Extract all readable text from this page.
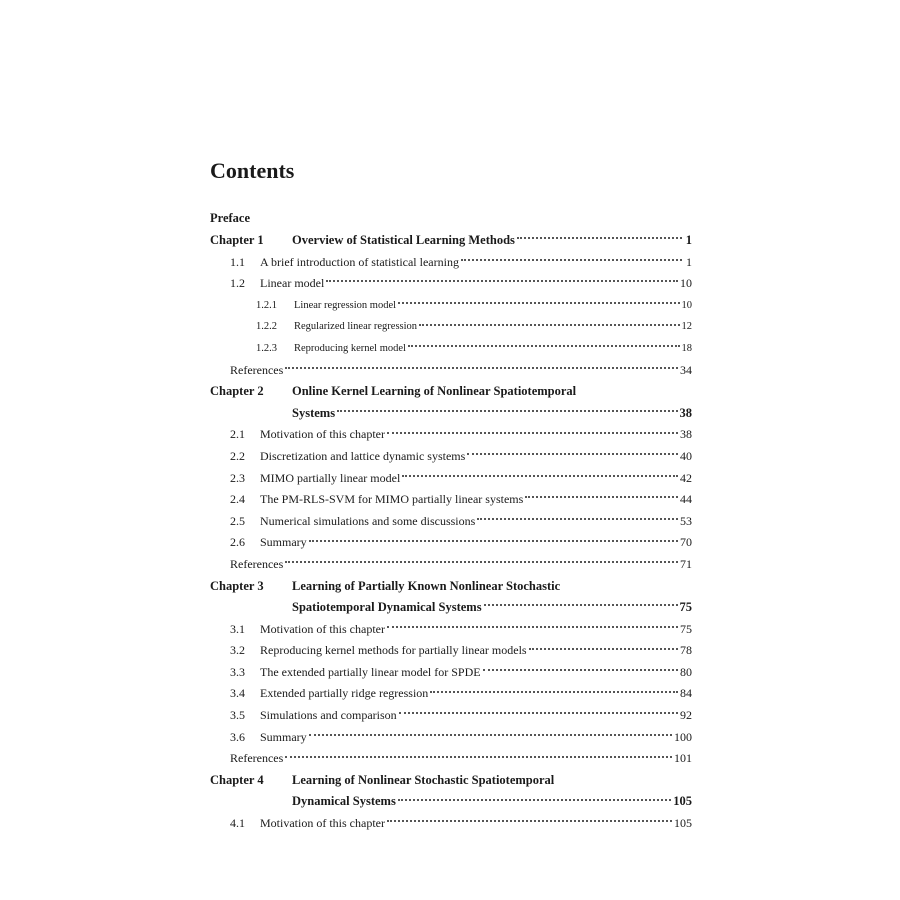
Contents
Preface
Chapter 1	Overview of Statistical Learning Methods	1
1.1	A brief introduction of statistical learning	1
1.2	Linear model	10
1.2.1	Linear regression model	10
1.2.2	Regularized linear regression	12
1.2.3	Reproducing kernel model	18
References	34
Chapter 2	Online Kernel Learning of Nonlinear Spatiotemporal
Systems	38
2.1	Motivation of this chapter	38
2.2	Discretization and lattice dynamic systems	40
2.3	MIMO partially linear model	42
2.4	The PM-RLS-SVM for MIMO partially linear systems	44
2.5	Numerical simulations and some discussions	53
2.6	Summary	70
References	71
Chapter 3	Learning of Partially Known Nonlinear Stochastic
Spatiotemporal Dynamical Systems	75
3.1	Motivation of this chapter	75
3.2	Reproducing kernel methods for partially linear models	78
3.3	The extended partially linear model for SPDE	80
3.4	Extended partially ridge regression	84
3.5	Simulations and comparison	92
3.6	Summary	100
References	101
Chapter 4	Learning of Nonlinear Stochastic Spatiotemporal
Dynamical Systems	105
4.1	Motivation of this chapter	105
